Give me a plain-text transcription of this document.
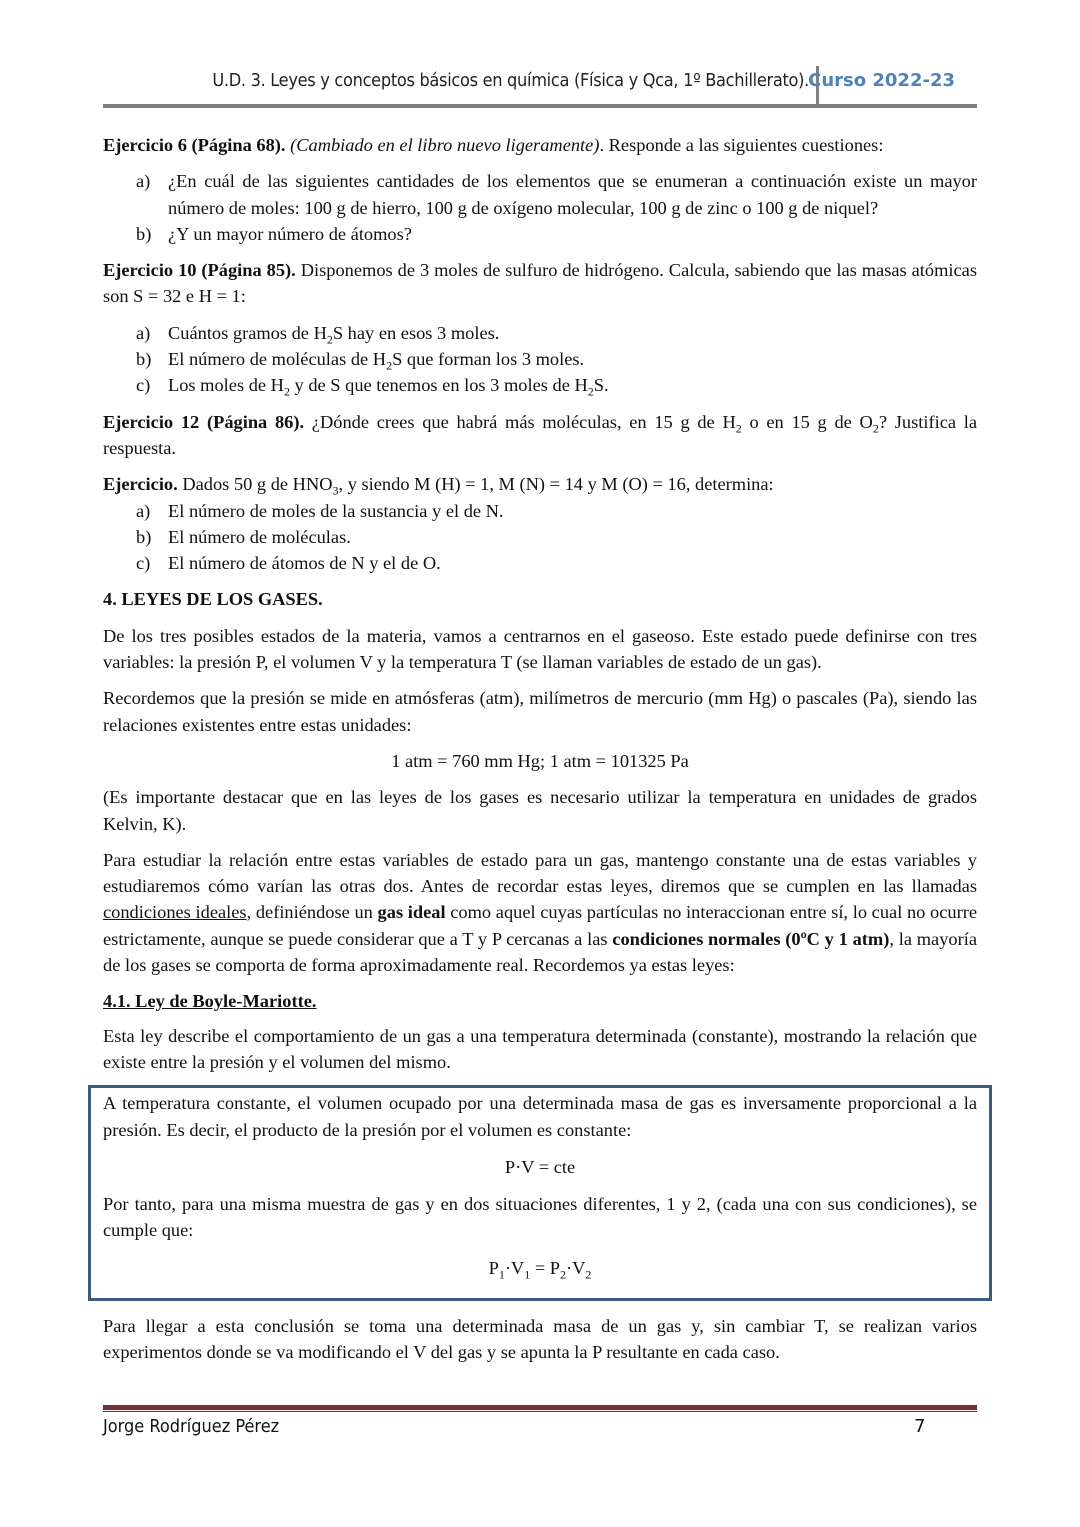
U.D. 3. Leyes y conceptos básicos en química (Física y Qca, 1º Bachillerato). Curso 2022-23

Ejercicio 6 (Página 68). (Cambiado en el libro nuevo ligeramente). Responde a las siguientes cuestiones:

a) ¿En cuál de las siguientes cantidades de los elementos que se enumeran a continuación existe un mayor número de moles: 100 g de hierro, 100 g de oxígeno molecular, 100 g de zinc o 100 g de niquel?
b) ¿Y un mayor número de átomos?

Ejercicio 10 (Página 85). Disponemos de 3 moles de sulfuro de hidrógeno. Calcula, sabiendo que las masas atómicas son S = 32 e H = 1:

a) Cuántos gramos de $H_2S$ hay en esos 3 moles.
b) El número de moléculas de $H_2S$ que forman los 3 moles.
c) Los moles de $H_2$ y de S que tenemos en los 3 moles de $H_2S$.

Ejercicio 12 (Página 86). ¿Dónde crees que habrá más moléculas, en 15 g de $H_2$ o en 15 g de $O_2$? Justifica la respuesta.

Ejercicio. Dados 50 g de $HNO_3$, y siendo M (H) = 1, M (N) = 14 y M (O) = 16, determina:

a) El número de moles de la sustancia y el de N.
b) El número de moléculas.
c) El número de átomos de N y el de O.
4. LEYES DE LOS GASES.

De los tres posibles estados de la materia, vamos a centrarnos en el gaseoso. Este estado puede definirse con tres variables: la presión P, el volumen V y la temperatura T (se llaman variables de estado de un gas).

Recordemos que la presión se mide en atmósferas (atm), milímetros de mercurio (mm Hg) o pascales (Pa), siendo las relaciones existentes entre estas unidades:

1 atm = 760 mm Hg; 1 atm = 101325 Pa

(Es importante destacar que en las leyes de los gases es necesario utilizar la temperatura en unidades de grados Kelvin, K).

Para estudiar la relación entre estas variables de estado para un gas, mantengo constante una de estas variables y estudiaremos cómo varían las otras dos. Antes de recordar estas leyes, diremos que se cumplen en las llamadas condiciones ideales, definiéndose un gas ideal como aquel cuyas partículas no interaccionan entre sí, lo cual no ocurre estrictamente, aunque se puede considerar que a T y P cercanas a las condiciones normales (0ºC y 1 atm), la mayoría de los gases se comporta de forma aproximadamente real. Recordemos ya estas leyes:

4.1. Ley de Boyle-Mariotte.

Esta ley describe el comportamiento de un gas a una temperatura determinada (constante), mostrando la relación que existe entre la presión y el volumen del mismo.

A temperatura constante, el volumen ocupado por una determinada masa de gas es inversamente proporcional a la presión. Es decir, el producto de la presión por el volumen es constante:

P·V = cte

Por tanto, para una misma muestra de gas y en dos situaciones diferentes, 1 y 2, (cada una con sus condiciones), se cumple que:

$P_1\cdot V_1 = P_2\cdot V_2$

Para llegar a esta conclusión se toma una determinada masa de un gas y, sin cambiar T, se realizan varios experimentos donde se va modificando el V del gas y se apunta la P resultante en cada caso.

Jorge Rodríguez Pérez	7
